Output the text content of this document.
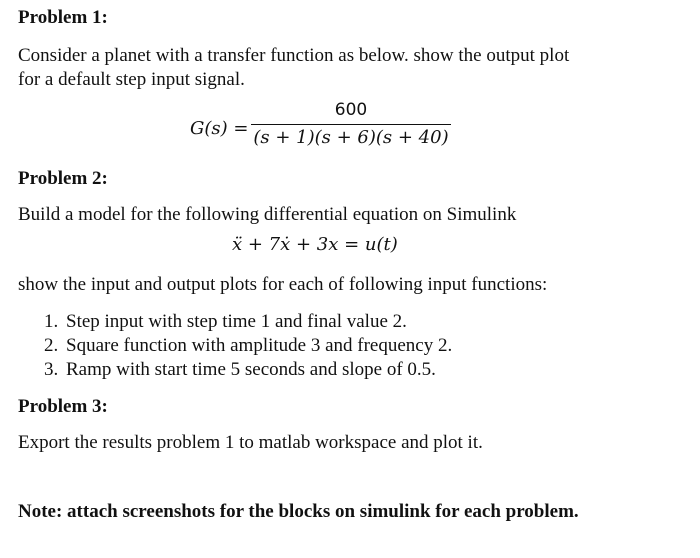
Problem 1:
Consider a planet with a transfer function as below. show the output plot
for a default step input signal.
G(s) =
600
(s + 1)(s + 6)(s + 40)
Problem 2:
Build a model for the following differential equation on Simulink
ẍ + 7ẋ + 3x = u(t)
show the input and output plots for each of following input functions:
1. Step input with step time 1 and final value 2.
2. Square function with amplitude 3 and frequency 2.
3. Ramp with start time 5 seconds and slope of 0.5.
Problem 3:
Export the results problem 1 to matlab workspace and plot it.
Note: attach screenshots for the blocks on simulink for each problem.
